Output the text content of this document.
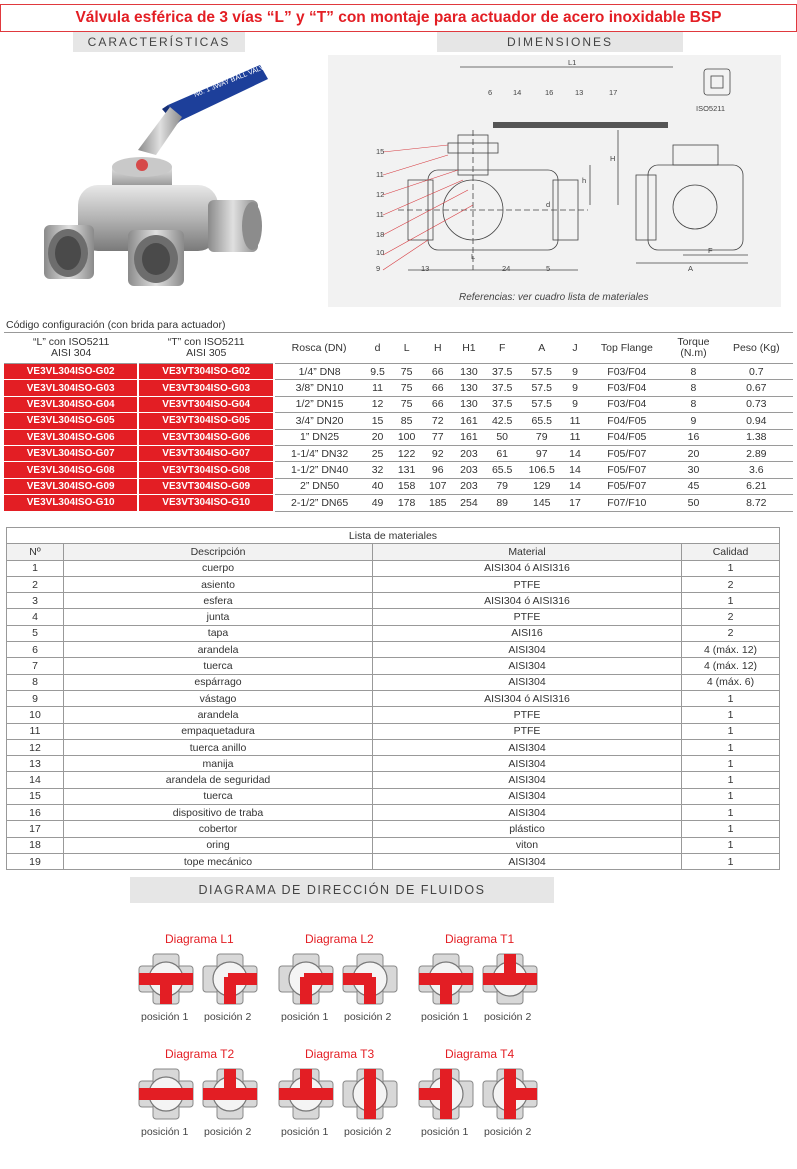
Válvula esférica de 3 vías “L” y “T” con montaje para actuador de acero inoxidable BSP
CARACTERÍSTICAS	DIMENSIONES
No. 1 3WAY BALL VALVE	L1
H
h
d
L
A
F
ISO5211
15
11
12
11
18
10
9
6	14	16	13	17
13	24	5
Referencias: ver cuadro lista de materiales
Código configuración (con brida para actuador)												
“L” con ISO5211
AISI 304	“T” con ISO5211
AISI 305	Rosca (DN)	d	L	H	H1	F	A	J	Top Flange	Torque
(N.m)	Peso (Kg)
VE3VL304ISO-G02	VE3VT304ISO-G02	1/4” DN8	9.5	75	66	130	37.5	57.5	9	F03/F04	8	0.7
VE3VL304ISO-G03	VE3VT304ISO-G03	3/8” DN10	11	75	66	130	37.5	57.5	9	F03/F04	8	0.67
VE3VL304ISO-G04	VE3VT304ISO-G04	1/2” DN15	12	75	66	130	37.5	57.5	9	F03/F04	8	0.73
VE3VL304ISO-G05	VE3VT304ISO-G05	3/4” DN20	15	85	72	161	42.5	65.5	11	F04/F05	9	0.94
VE3VL304ISO-G06	VE3VT304ISO-G06	1” DN25	20	100	77	161	50	79	11	F04/F05	16	1.38
VE3VL304ISO-G07	VE3VT304ISO-G07	1-1/4” DN32	25	122	92	203	61	97	14	F05/F07	20	2.89
VE3VL304ISO-G08	VE3VT304ISO-G08	1-1/2” DN40	32	131	96	203	65.5	106.5	14	F05/F07	30	3.6
VE3VL304ISO-G09	VE3VT304ISO-G09	2” DN50	40	158	107	203	79	129	14	F05/F07	45	6.21
VE3VL304ISO-G10	VE3VT304ISO-G10	2-1/2” DN65	49	178	185	254	89	145	17	F07/F10	50	8.72
Lista de materiales			
Nº	Descripción	Material	Calidad
1	cuerpo	AISI304 ó AISI316	1
2	asiento	PTFE	2
3	esfera	AISI304 ó AISI316	1
4	junta	PTFE	2
5	tapa	AISI16	2
6	arandela	AISI304	4 (máx. 12)
7	tuerca	AISI304	4 (máx. 12)
8	espárrago	AISI304	4 (máx. 6)
9	vástago	AISI304 ó AISI316	1
10	arandela	PTFE	1
11	empaquetadura	PTFE	1
12	tuerca anillo	AISI304	1
13	manija	AISI304	1
14	arandela de seguridad	AISI304	1
15	tuerca	AISI304	1
16	dispositivo de traba	AISI304	1
17	cobertor	plástico	1
18	oring	viton	1
19	tope mecánico	AISI304	1
DIAGRAMA DE DIRECCIÓN DE FLUIDOS
Diagrama L1
posición 1 posición 2
Diagrama L2
posición 1 posición 2
Diagrama T1
posición 1 posición 2
Diagrama T2
posición 1 posición 2
Diagrama T3
posición 1 posición 2
Diagrama T4
posición 1 posición 2
